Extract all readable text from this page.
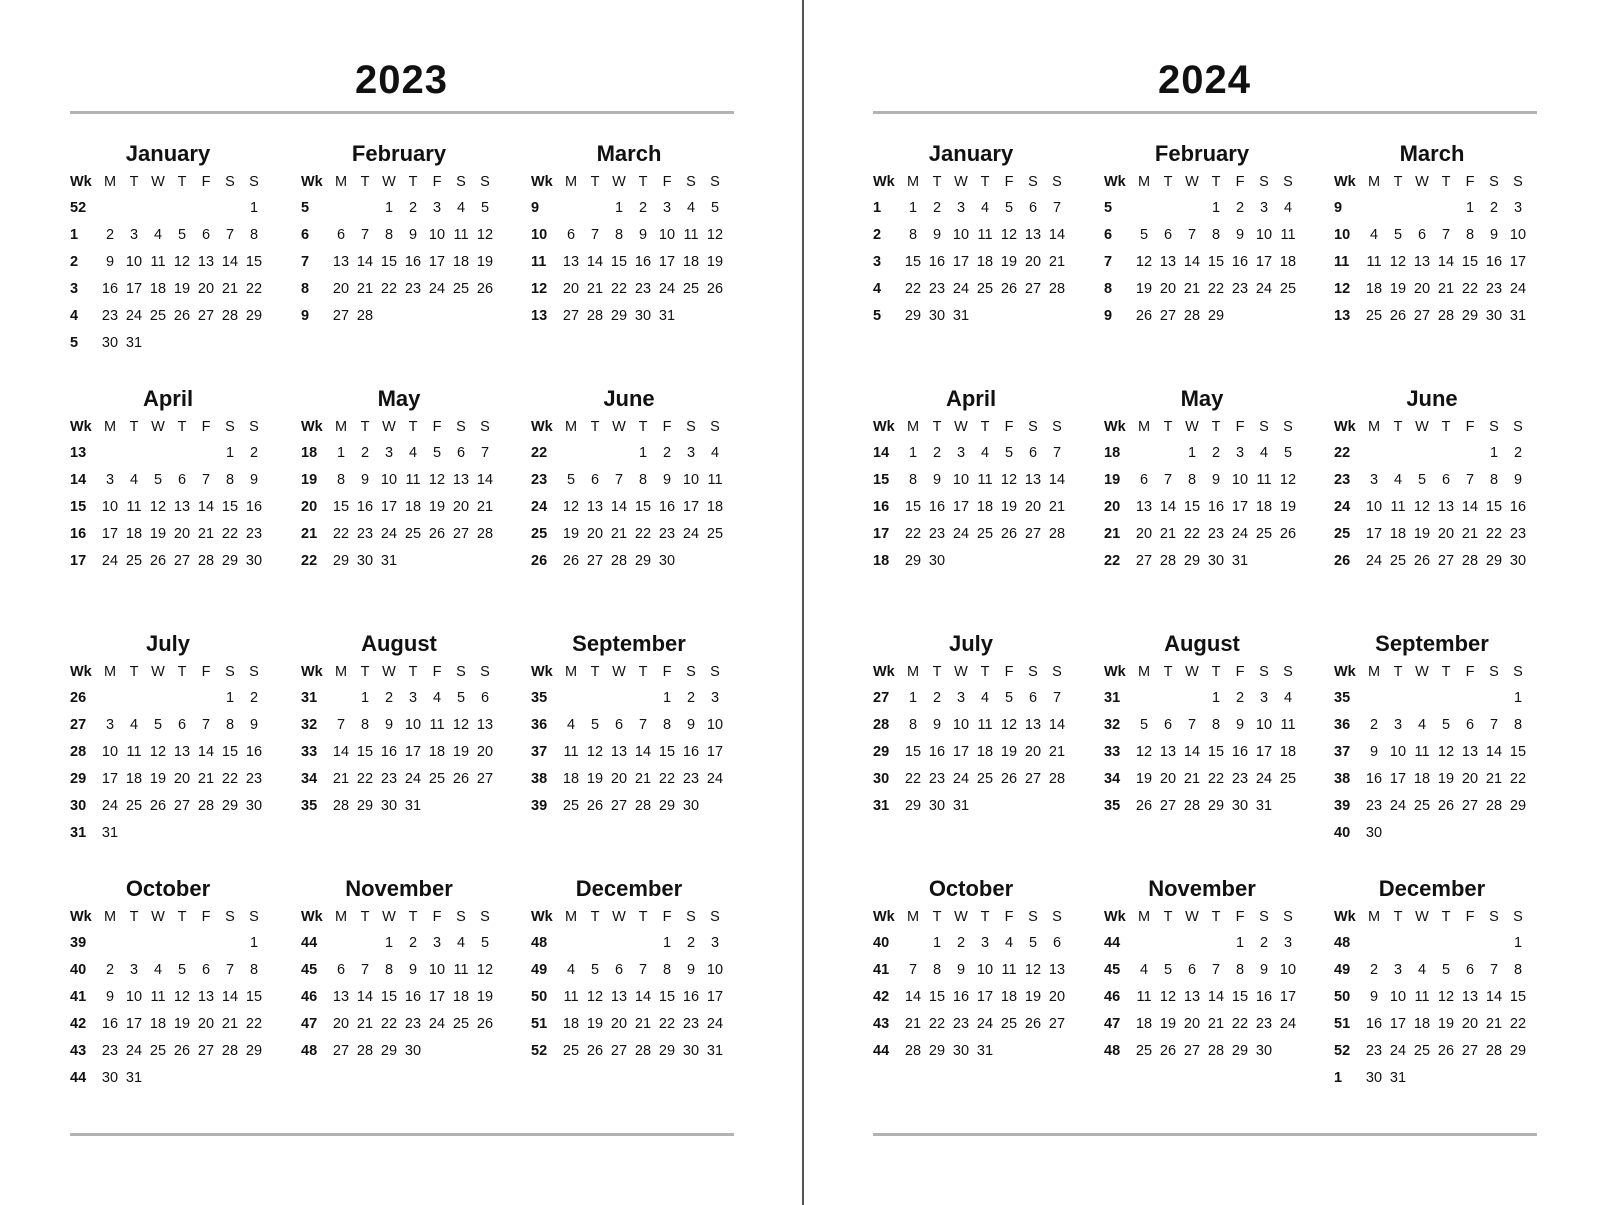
2023
January
Wk	M	T	W	T	F	S	S
52							1
1	2	3	4	5	6	7	8
2	9	10	11	12	13	14	15
3	16	17	18	19	20	21	22
4	23	24	25	26	27	28	29
5	30	31					
February
Wk	M	T	W	T	F	S	S
5			1	2	3	4	5
6	6	7	8	9	10	11	12
7	13	14	15	16	17	18	19
8	20	21	22	23	24	25	26
9	27	28					
March
Wk	M	T	W	T	F	S	S
9			1	2	3	4	5
10	6	7	8	9	10	11	12
11	13	14	15	16	17	18	19
12	20	21	22	23	24	25	26
13	27	28	29	30	31		
April
Wk	M	T	W	T	F	S	S
13						1	2
14	3	4	5	6	7	8	9
15	10	11	12	13	14	15	16
16	17	18	19	20	21	22	23
17	24	25	26	27	28	29	30
May
Wk	M	T	W	T	F	S	S
18	1	2	3	4	5	6	7
19	8	9	10	11	12	13	14
20	15	16	17	18	19	20	21
21	22	23	24	25	26	27	28
22	29	30	31				
June
Wk	M	T	W	T	F	S	S
22				1	2	3	4
23	5	6	7	8	9	10	11
24	12	13	14	15	16	17	18
25	19	20	21	22	23	24	25
26	26	27	28	29	30		
July
Wk	M	T	W	T	F	S	S
26						1	2
27	3	4	5	6	7	8	9
28	10	11	12	13	14	15	16
29	17	18	19	20	21	22	23
30	24	25	26	27	28	29	30
31	31						
August
Wk	M	T	W	T	F	S	S
31		1	2	3	4	5	6
32	7	8	9	10	11	12	13
33	14	15	16	17	18	19	20
34	21	22	23	24	25	26	27
35	28	29	30	31			
September
Wk	M	T	W	T	F	S	S
35					1	2	3
36	4	5	6	7	8	9	10
37	11	12	13	14	15	16	17
38	18	19	20	21	22	23	24
39	25	26	27	28	29	30	
October
Wk	M	T	W	T	F	S	S
39							1
40	2	3	4	5	6	7	8
41	9	10	11	12	13	14	15
42	16	17	18	19	20	21	22
43	23	24	25	26	27	28	29
44	30	31					
November
Wk	M	T	W	T	F	S	S
44			1	2	3	4	5
45	6	7	8	9	10	11	12
46	13	14	15	16	17	18	19
47	20	21	22	23	24	25	26
48	27	28	29	30			
December
Wk	M	T	W	T	F	S	S
48					1	2	3
49	4	5	6	7	8	9	10
50	11	12	13	14	15	16	17
51	18	19	20	21	22	23	24
52	25	26	27	28	29	30	31
2024
January
Wk	M	T	W	T	F	S	S
1	1	2	3	4	5	6	7
2	8	9	10	11	12	13	14
3	15	16	17	18	19	20	21
4	22	23	24	25	26	27	28
5	29	30	31				
February
Wk	M	T	W	T	F	S	S
5				1	2	3	4
6	5	6	7	8	9	10	11
7	12	13	14	15	16	17	18
8	19	20	21	22	23	24	25
9	26	27	28	29			
March
Wk	M	T	W	T	F	S	S
9					1	2	3
10	4	5	6	7	8	9	10
11	11	12	13	14	15	16	17
12	18	19	20	21	22	23	24
13	25	26	27	28	29	30	31
April
Wk	M	T	W	T	F	S	S
14	1	2	3	4	5	6	7
15	8	9	10	11	12	13	14
16	15	16	17	18	19	20	21
17	22	23	24	25	26	27	28
18	29	30					
May
Wk	M	T	W	T	F	S	S
18			1	2	3	4	5
19	6	7	8	9	10	11	12
20	13	14	15	16	17	18	19
21	20	21	22	23	24	25	26
22	27	28	29	30	31		
June
Wk	M	T	W	T	F	S	S
22						1	2
23	3	4	5	6	7	8	9
24	10	11	12	13	14	15	16
25	17	18	19	20	21	22	23
26	24	25	26	27	28	29	30
July
Wk	M	T	W	T	F	S	S
27	1	2	3	4	5	6	7
28	8	9	10	11	12	13	14
29	15	16	17	18	19	20	21
30	22	23	24	25	26	27	28
31	29	30	31				
August
Wk	M	T	W	T	F	S	S
31				1	2	3	4
32	5	6	7	8	9	10	11
33	12	13	14	15	16	17	18
34	19	20	21	22	23	24	25
35	26	27	28	29	30	31	
September
Wk	M	T	W	T	F	S	S
35							1
36	2	3	4	5	6	7	8
37	9	10	11	12	13	14	15
38	16	17	18	19	20	21	22
39	23	24	25	26	27	28	29
40	30						
October
Wk	M	T	W	T	F	S	S
40		1	2	3	4	5	6
41	7	8	9	10	11	12	13
42	14	15	16	17	18	19	20
43	21	22	23	24	25	26	27
44	28	29	30	31			
November
Wk	M	T	W	T	F	S	S
44					1	2	3
45	4	5	6	7	8	9	10
46	11	12	13	14	15	16	17
47	18	19	20	21	22	23	24
48	25	26	27	28	29	30	
December
Wk	M	T	W	T	F	S	S
48							1
49	2	3	4	5	6	7	8
50	9	10	11	12	13	14	15
51	16	17	18	19	20	21	22
52	23	24	25	26	27	28	29
1	30	31					
